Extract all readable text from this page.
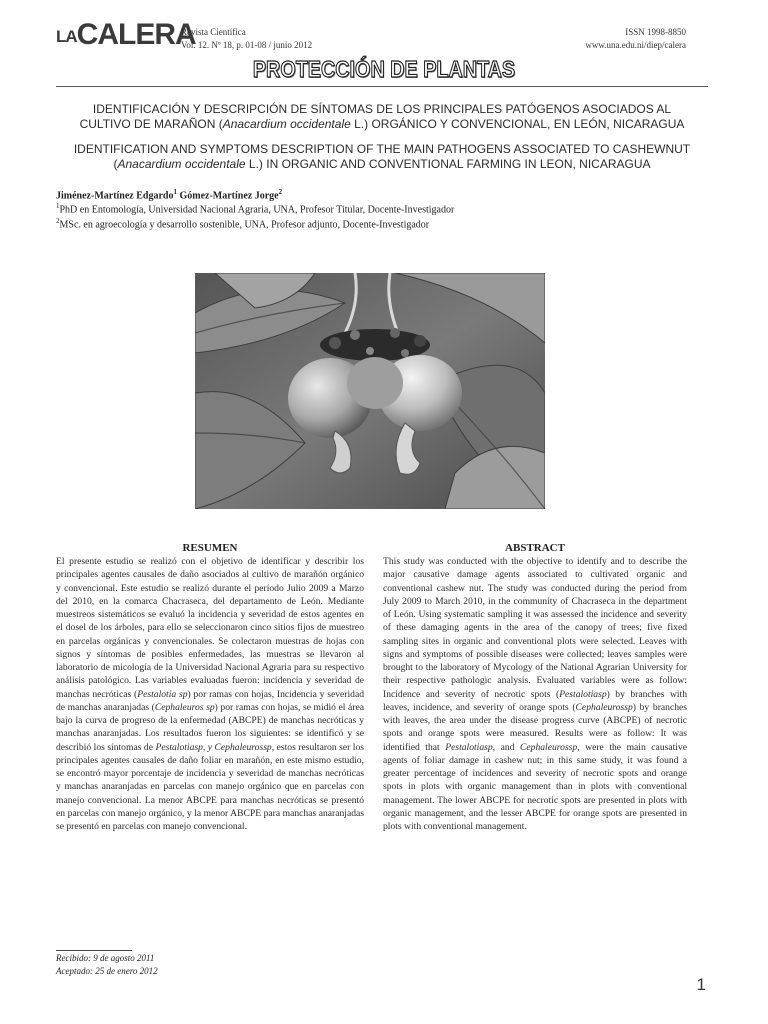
$^{LA}$CALERA
Revista Científica
Vol. 12. Nº 18, p. 01-08 / junio 2012
ISSN 1998-8850
www.una.edu.ni/diep/calera
PROTECCIÓN DE PLANTAS
IDENTIFICACIÓN Y DESCRIPCIÓN DE SÍNTOMAS DE LOS PRINCIPALES PATÓGENOS ASOCIADOS AL
CULTIVO DE MARAÑON (Anacardium occidentale L.) ORGÁNICO Y CONVENCIONAL, EN LEÓN, NICARAGUA
IDENTIFICATION AND SYMPTOMS DESCRIPTION OF THE MAIN PATHOGENS ASSOCIATED TO CASHEWNUT
(Anacardium occidentale L.) IN ORGANIC AND CONVENTIONAL FARMING IN LEON, NICARAGUA
Jiménez-Martínez Edgardo$^1$ Gómez-Martínez Jorge$^2$
$^1$PhD en Entomología, Universidad Nacional Agraria, UNA, Profesor Titular, Docente-Investigador
$^2$MSc. en agroecología y desarrollo sostenible, UNA, Profesor adjunto, Docente-Investigador
RESUMEN
El presente estudio se realizó con el objetivo de identificar y describir los principales agentes causales de daño asociados al cultivo de marañón orgánico y convencional. Este estudio se realizó durante el período Julio 2009 a Marzo del 2010, en la comarca Chacraseca, del departamento de León. Mediante muestreos sistemáticos se evaluó la incidencia y severidad de estos agentes en el dosel de los árboles, para ello se seleccionaron cinco sitios fijos de muestreo en parcelas orgánicas y convencionales. Se colectaron muestras de hojas con signos y síntomas de posibles enfermedades, las muestras se llevaron al laboratorio de micología de la Universidad Nacional Agraria para su respectivo análisis patológico. Las variables evaluadas fueron: incidencia y severidad de manchas necróticas (Pestalotia sp) por ramas con hojas, Incidencia y severidad de manchas anaranjadas (Cephaleuros sp) por ramas con hojas, se midió el área bajo la curva de progreso de la enfermedad (ABCPE) de manchas necróticas y manchas anaranjadas. Los resultados fueron los siguientes: se identificó y se describió los síntomas de Pestalotiasp, y Cephaleurossp, estos resultaron ser los principales agentes causales de daño foliar en marañón, en este mismo estudio, se encontró mayor porcentaje de incidencia y severidad de manchas necróticas y manchas anaranjadas en parcelas con manejo orgánico que en parcelas con manejo convencional. La menor ABCPE para manchas necróticas se presentó en parcelas con manejo orgánico, y la menor ABCPE para manchas anaranjadas se presentó en parcelas con manejo convencional.
ABSTRACT
This study was conducted with the objective to identify and to describe the major causative damage agents associated to cultivated organic and conventional cashew nut. The study was conducted during the period from July 2009 to March 2010, in the community of Chacraseca in the department of León. Using systematic sampling it was assessed the incidence and severity of these damaging agents in the area of the canopy of trees; five fixed sampling sites in organic and conventional plots were selected. Leaves with signs and symptoms of possible diseases were collected; leaves samples were brought to the laboratory of Mycology of the National Agrarian University for their respective pathologic analysis. Evaluated variables were as follow: Incidence and severity of necrotic spots (Pestalotiasp) by branches with leaves, incidence, and severity of orange spots (Cephaleurossp) by branches with leaves, the area under the disease progress curve (ABCPE) of necrotic spots and orange spots were measured. Results were as follow: It was identified that Pestalotiasp, and Cephaleurossp, were the main causative agents of foliar damage in cashew nut; in this same study, it was found a greater percentage of incidences and severity of necrotic spots and orange spots in plots with organic management than in plots with conventional management. The lower ABCPE for necrotic spots are presented in plots with organic management, and the lesser ABCPE for orange spots are presented in plots with conventional management.
Recibido: 9 de agosto 2011
Aceptado: 25 de enero 2012
1
